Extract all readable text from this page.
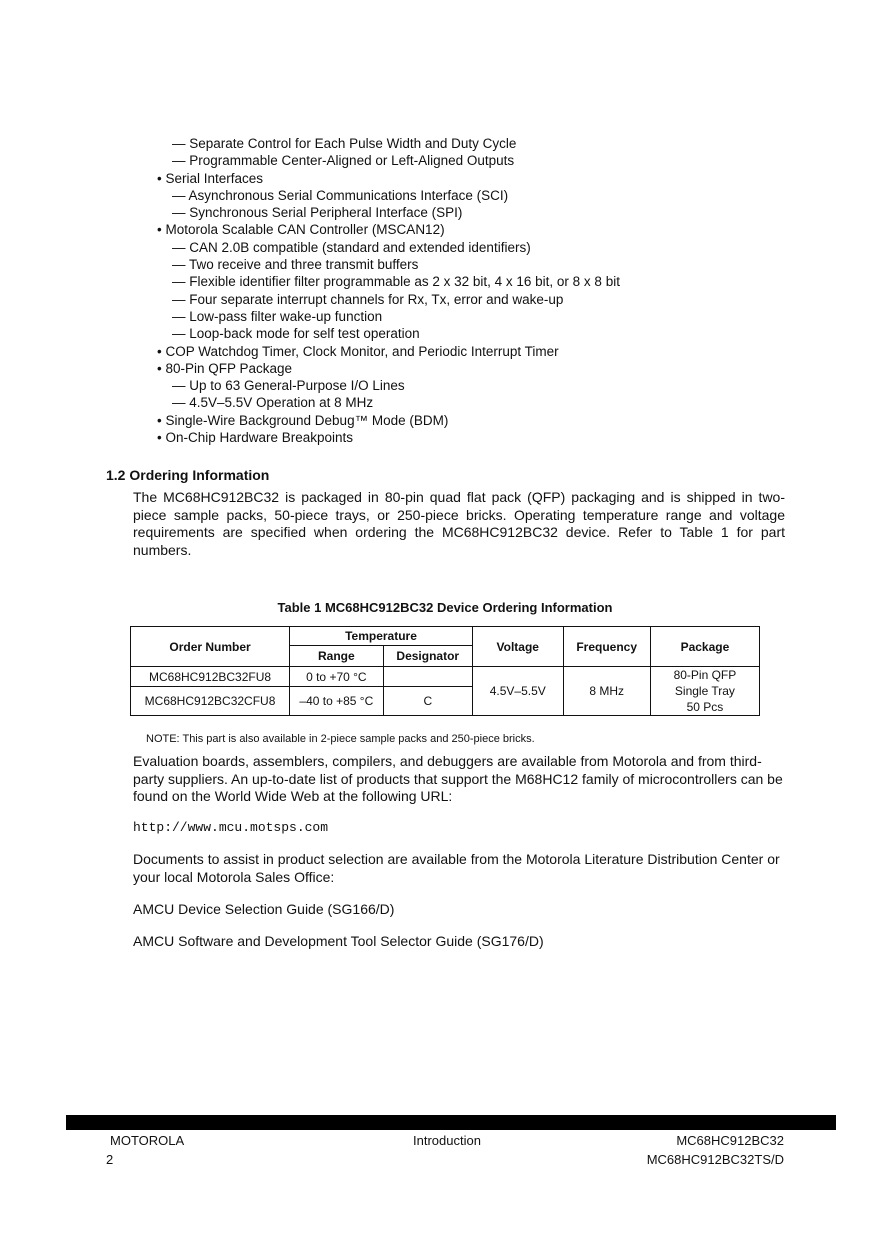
— Separate Control for Each Pulse Width and Duty Cycle
— Programmable Center-Aligned or Left-Aligned Outputs
• Serial Interfaces
— Asynchronous Serial Communications Interface (SCI)
— Synchronous Serial Peripheral Interface (SPI)
• Motorola Scalable CAN Controller (MSCAN12)
— CAN 2.0B compatible (standard and extended identifiers)
— Two receive and three transmit buffers
— Flexible identifier filter programmable as 2 x 32 bit, 4 x 16 bit, or 8 x 8 bit
— Four separate interrupt channels for Rx, Tx, error and wake-up
— Low-pass filter wake-up function
— Loop-back mode for self test operation
• COP Watchdog Timer, Clock Monitor, and Periodic Interrupt Timer
• 80-Pin QFP Package
— Up to 63 General-Purpose I/O Lines
— 4.5V–5.5V Operation at 8 MHz
• Single-Wire Background Debug™ Mode (BDM)
• On-Chip Hardware Breakpoints
1.2 Ordering Information
The MC68HC912BC32 is packaged in 80-pin quad flat pack (QFP) packaging and is shipped in two-piece sample packs, 50-piece trays, or 250-piece bricks. Operating temperature range and voltage requirements are specified when ordering the MC68HC912BC32 device. Refer to Table 1 for part numbers.
Table 1 MC68HC912BC32 Device Ordering Information
Order Number	Temperature		Voltage	Frequency	Package
	Range	Designator			
MC68HC912BC32FU8	0 to +70 °C		4.5V–5.5V	8 MHz	80-Pin QFP
Single Tray
50 Pcs

MC68HC912BC32CFU8	–40 to +85 °C	C			
NOTE: This part is also available in 2-piece sample packs and 250-piece bricks.
Evaluation boards, assemblers, compilers, and debuggers are available from Motorola and from third-party suppliers. An up-to-date list of products that support the M68HC12 family of microcontrollers can be found on the World Wide Web at the following URL:
http://www.mcu.motsps.com
Documents to assist in product selection are available from the Motorola Literature Distribution Center or your local Motorola Sales Office:
AMCU Device Selection Guide (SG166/D)
AMCU Software and Development Tool Selector Guide (SG176/D)
MOTOROLA
2
Introduction	MC68HC912BC32
MC68HC912BC32TS/D
